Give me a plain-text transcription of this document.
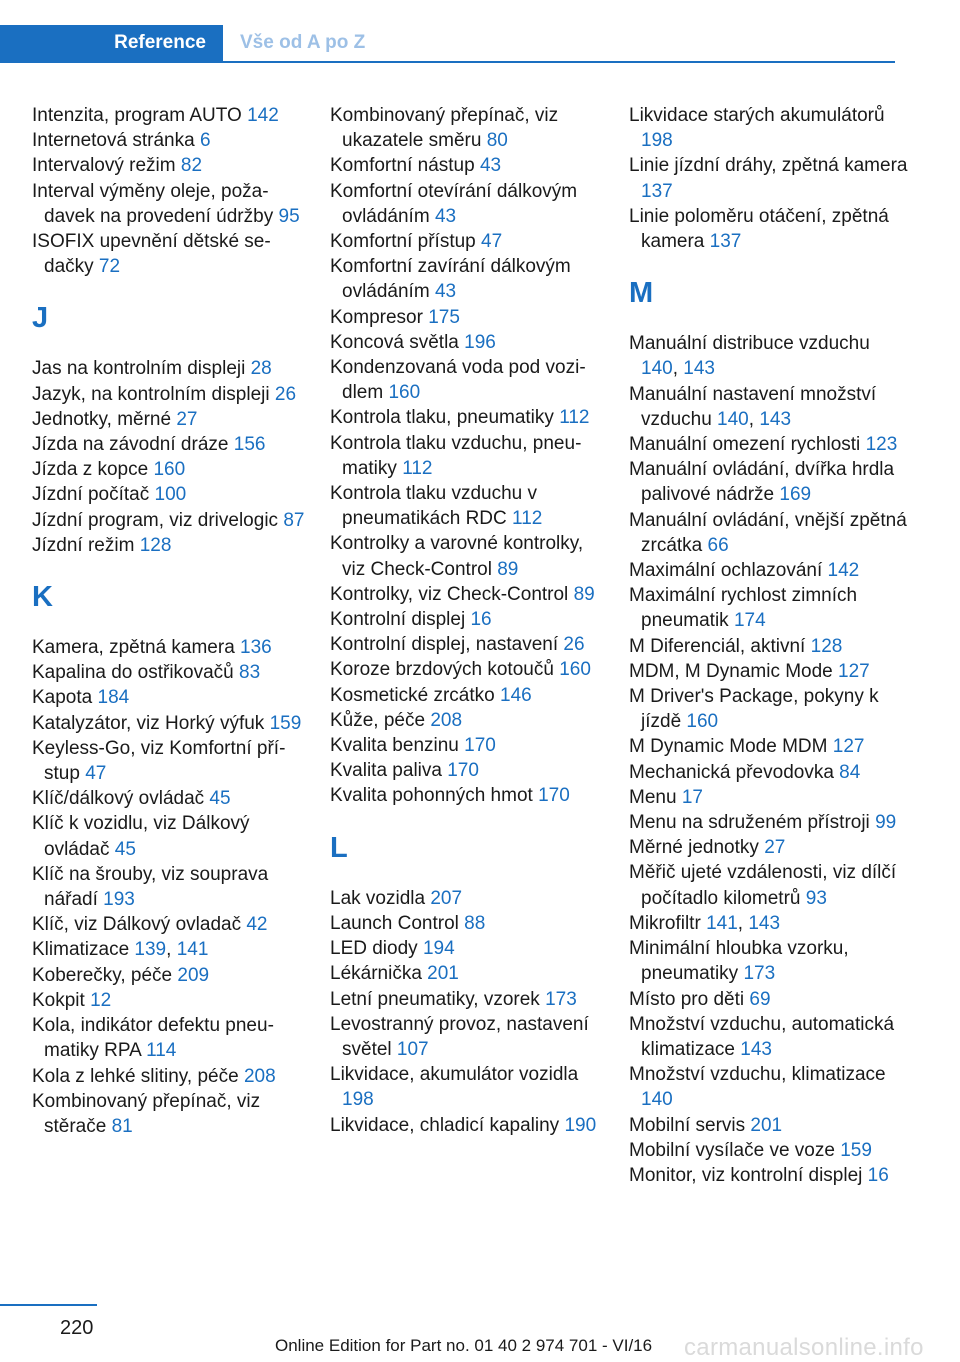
Reference	Vše od A po Z
Intenzita, program AUTO 142
Internetová stránka 6
Intervalový režim 82
Interval výměny oleje, požadavek na provedení údržby 95
ISOFIX upevnění dětské sedačky 72
J
Jas na kontrolním displeji 28
Jazyk, na kontrolním displeji 26
Jednotky, měrné 27
Jízda na závodní dráze 156
Jízda z kopce 160
Jízdní počítač 100
Jízdní program, viz drivelogic 87
Jízdní režim 128
K
Kamera, zpětná kamera 136
Kapalina do ostřikovačů 83
Kapota 184
Katalyzátor, viz Horký výfuk 159
Keyless-Go, viz Komfortní přístup 47
Klíč/dálkový ovládač 45
Klíč k vozidlu, viz Dálkový ovládač 45
Klíč na šrouby, viz souprava nářadí 193
Klíč, viz Dálkový ovladač 42
Klimatizace 139, 141
Koberečky, péče 209
Kokpit 12
Kola, indikátor defektu pneumatiky RPA 114
Kola z lehké slitiny, péče 208
Kombinovaný přepínač, viz stěrače 81
Kombinovaný přepínač, viz ukazatele směru 80
Komfortní nástup 43
Komfortní otevírání dálkovým ovládáním 43
Komfortní přístup 47
Komfortní zavírání dálkovým ovládáním 43
Kompresor 175
Koncová světla 196
Kondenzovaná voda pod vozidlem 160
Kontrola tlaku, pneumatiky 112
Kontrola tlaku vzduchu, pneumatiky 112
Kontrola tlaku vzduchu v pneumatikách RDC 112
Kontrolky a varovné kontrolky, viz Check-Control 89
Kontrolky, viz Check-Control 89
Kontrolní displej 16
Kontrolní displej, nastavení 26
Koroze brzdových kotoučů 160
Kosmetické zrcátko 146
Kůže, péče 208
Kvalita benzinu 170
Kvalita paliva 170
Kvalita pohonných hmot 170
L
Lak vozidla 207
Launch Control 88
LED diody 194
Lékárnička 201
Letní pneumatiky, vzorek 173
Levostranný provoz, nastavení světel 107
Likvidace, akumulátor vozidla 198
Likvidace, chladicí kapaliny 190
Likvidace starých akumulátorů 198
Linie jízdní dráhy, zpětná kamera 137
Linie poloměru otáčení, zpětná kamera 137
M
Manuální distribuce vzduchu 140, 143
Manuální nastavení množství vzduchu 140, 143
Manuální omezení rychlosti 123
Manuální ovládání, dvířka hrdla palivové nádrže 169
Manuální ovládání, vnější zpětná zrcátka 66
Maximální ochlazování 142
Maximální rychlost zimních pneumatik 174
M Diferenciál, aktivní 128
MDM, M Dynamic Mode 127
M Driver's Package, pokyny k jízdě 160
M Dynamic Mode MDM 127
Mechanická převodovka 84
Menu 17
Menu na sdruženém přístroji 99
Měrné jednotky 27
Měřič ujeté vzdálenosti, viz dílčí počítadlo kilometrů 93
Mikrofiltr 141, 143
Minimální hloubka vzorku, pneumatiky 173
Místo pro děti 69
Množství vzduchu, automatická klimatizace 143
Množství vzduchu, klimatizace 140
Mobilní servis 201
Mobilní vysílače ve voze 159
Monitor, viz kontrolní displej 16
220
Online Edition for Part no. 01 40 2 974 701 - VI/16 carmanualsonline.info
